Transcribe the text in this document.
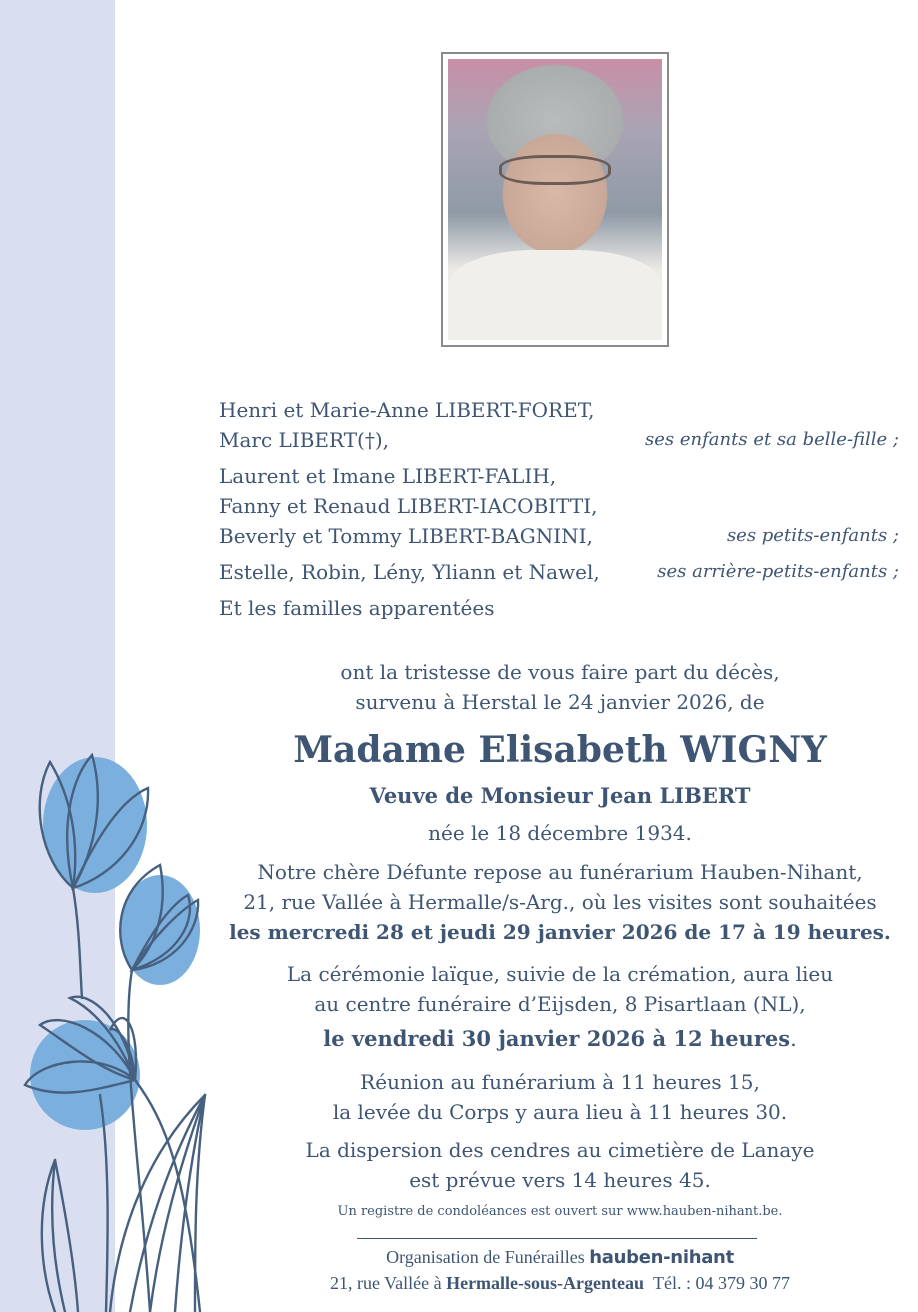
Henri et Marie-Anne LIBERT-FORET,
Marc LIBERT(†),	ses enfants et sa belle-fille ;
Laurent et Imane LIBERT-FALIH,
Fanny et Renaud LIBERT-IACOBITTI,
Beverly et Tommy LIBERT-BAGNINI,	ses petits-enfants ;
Estelle, Robin, Lény, Yliann et Nawel,	ses arrière-petits-enfants ;
Et les familles apparentées
ont la tristesse de vous faire part du décès,
survenu à Herstal le 24 janvier 2026, de
Madame Elisabeth WIGNY
Veuve de Monsieur Jean LIBERT
née le 18 décembre 1934.
Notre chère Défunte repose au funérarium Hauben-Nihant,
21, rue Vallée à Hermalle/s-Arg., où les visites sont souhaitées
les mercredi 28 et jeudi 29 janvier 2026 de 17 à 19 heures.
La cérémonie laïque, suivie de la crémation, aura lieu
au centre funéraire d’Eijsden, 8 Pisartlaan (NL),
le vendredi 30 janvier 2026 à 12 heures.
Réunion au funérarium à 11 heures 15,
la levée du Corps y aura lieu à 11 heures 30.
La dispersion des cendres au cimetière de Lanaye
est prévue vers 14 heures 45.
Un registre de condoléances est ouvert sur www.hauben-nihant.be.
Organisation de Funérailles hauben-nihant
21, rue Vallée à Hermalle-sous-Argenteau Tél. : 04 379 30 77
